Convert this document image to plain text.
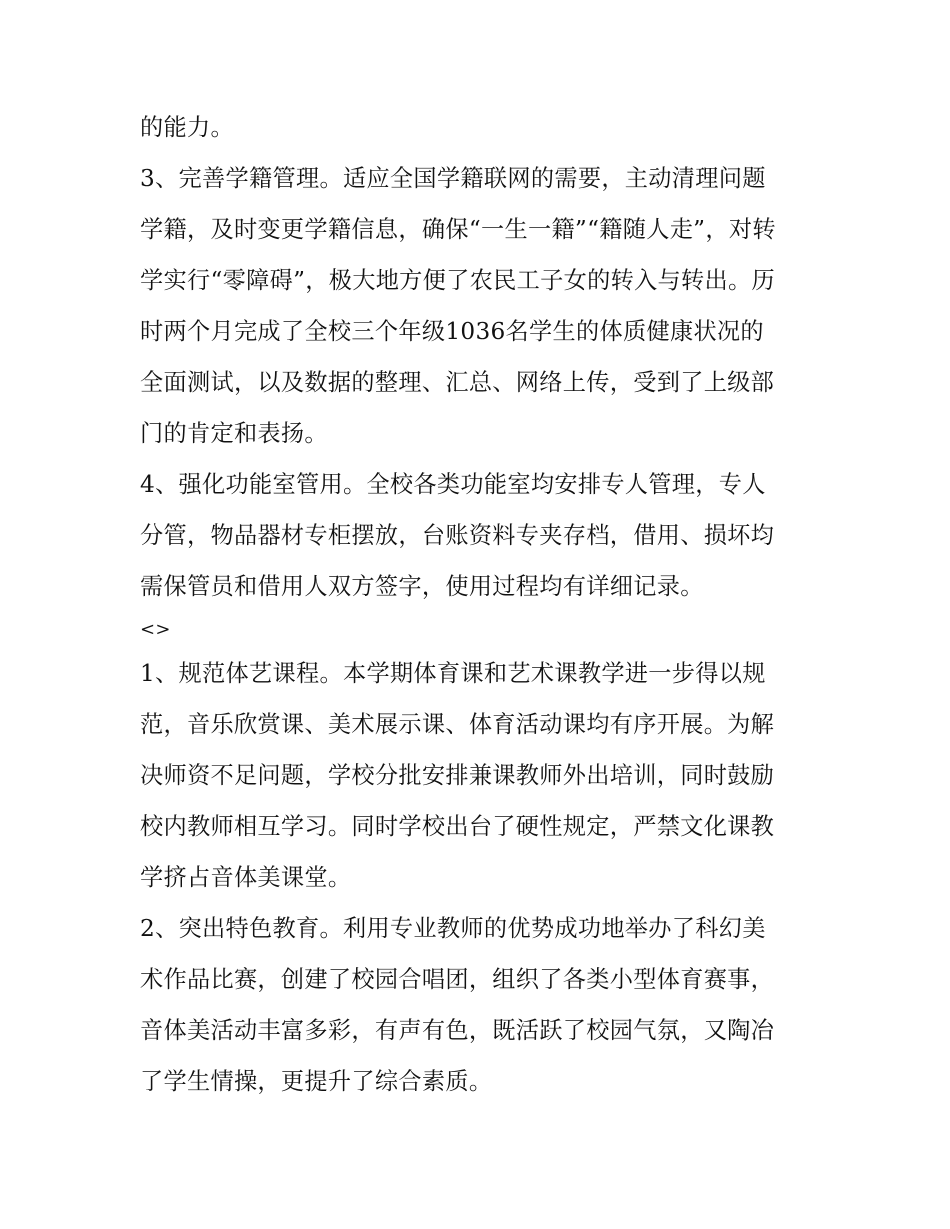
的能力。
3、完善学籍管理。适应全国学籍联网的需要，主动清理问题
学籍，及时变更学籍信息，确保“一生一籍”“籍随人走”，对转
学实行“零障碍”，极大地方便了农民工子女的转入与转出。历
时两个月完成了全校三个年级1036名学生的体质健康状况的
全面测试，以及数据的整理、汇总、网络上传，受到了上级部
门的肯定和表扬。
4、强化功能室管用。全校各类功能室均安排专人管理，专人
分管，物品器材专柜摆放，台账资料专夹存档，借用、损坏均
需保管员和借用人双方签字，使用过程均有详细记录。
<>
1、规范体艺课程。本学期体育课和艺术课教学进一步得以规
范，音乐欣赏课、美术展示课、体育活动课均有序开展。为解
决师资不足问题，学校分批安排兼课教师外出培训，同时鼓励
校内教师相互学习。同时学校出台了硬性规定，严禁文化课教
学挤占音体美课堂。
2、突出特色教育。利用专业教师的优势成功地举办了科幻美
术作品比赛，创建了校园合唱团，组织了各类小型体育赛事，
音体美活动丰富多彩，有声有色，既活跃了校园气氛，又陶冶
了学生情操，更提升了综合素质。
